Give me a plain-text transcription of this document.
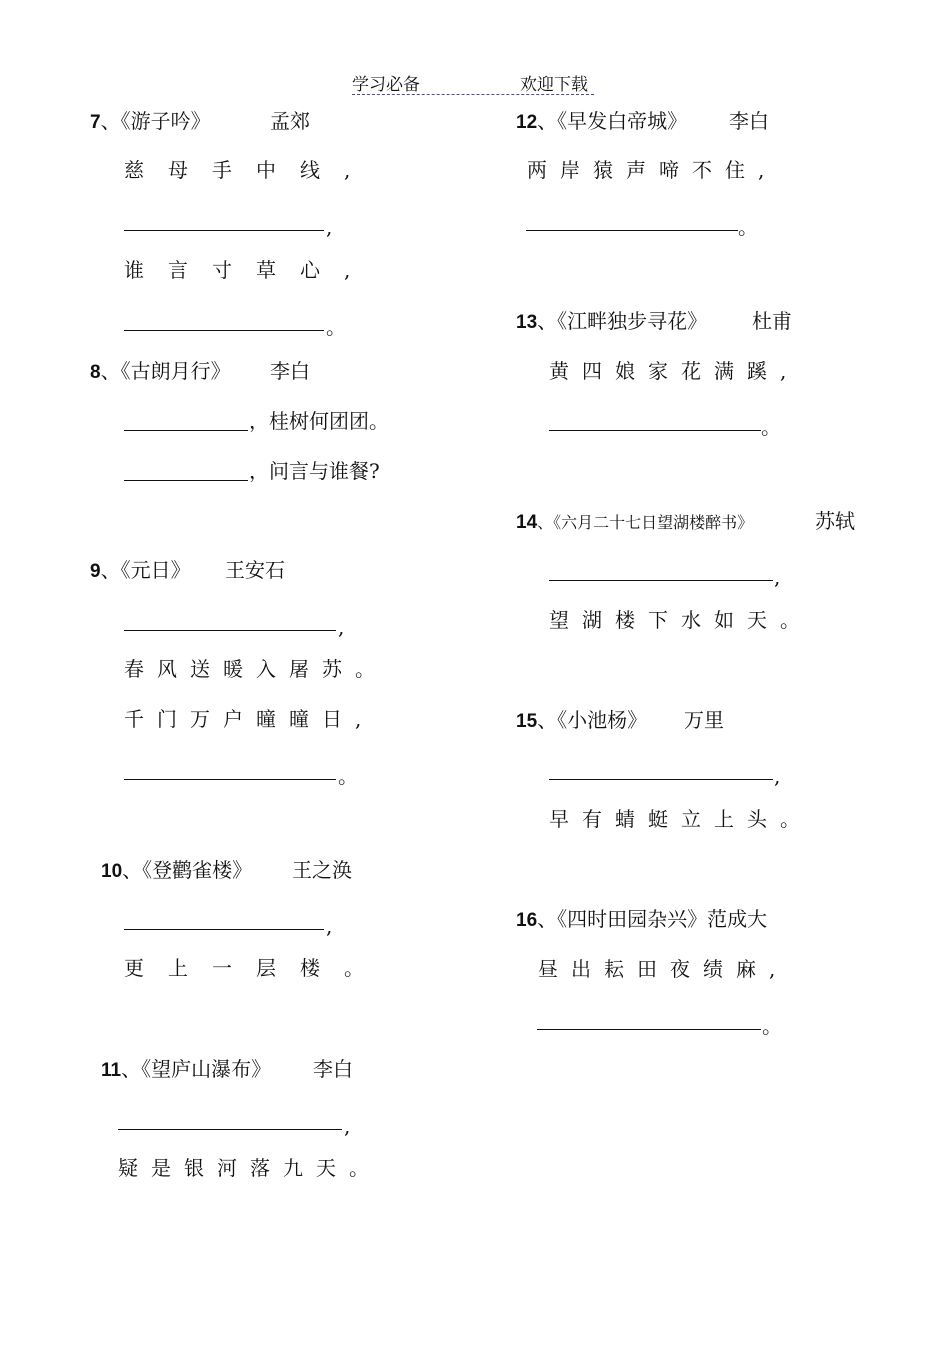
学习必备	欢迎下载
7、《游子吟》	孟郊
慈母手中线,
,
谁言寸草心,
。
8、《古朗月行》 李白
，桂树何团团。
，问言与谁餐?
9、《元日》 王安石
,
春风送暖入屠苏。
千门万户曈曈日,
。
10、《登鹳雀楼》 王之涣
,
更上一层楼。
11、《望庐山瀑布》 李白
,
疑是银河落九天。
12、《早发白帝城》 李白
两岸猿声啼不住,
。
13、《江畔独步寻花》 杜甫
黄四娘家花满蹊,
。
14、《六月二十七日望湖楼醉书》	苏轼
,
望湖楼下水如天。
15、《小池杨》 万里
,
早有蜻蜓立上头。
16、《四时田园杂兴》范成大
昼出耘田夜绩麻,
。
